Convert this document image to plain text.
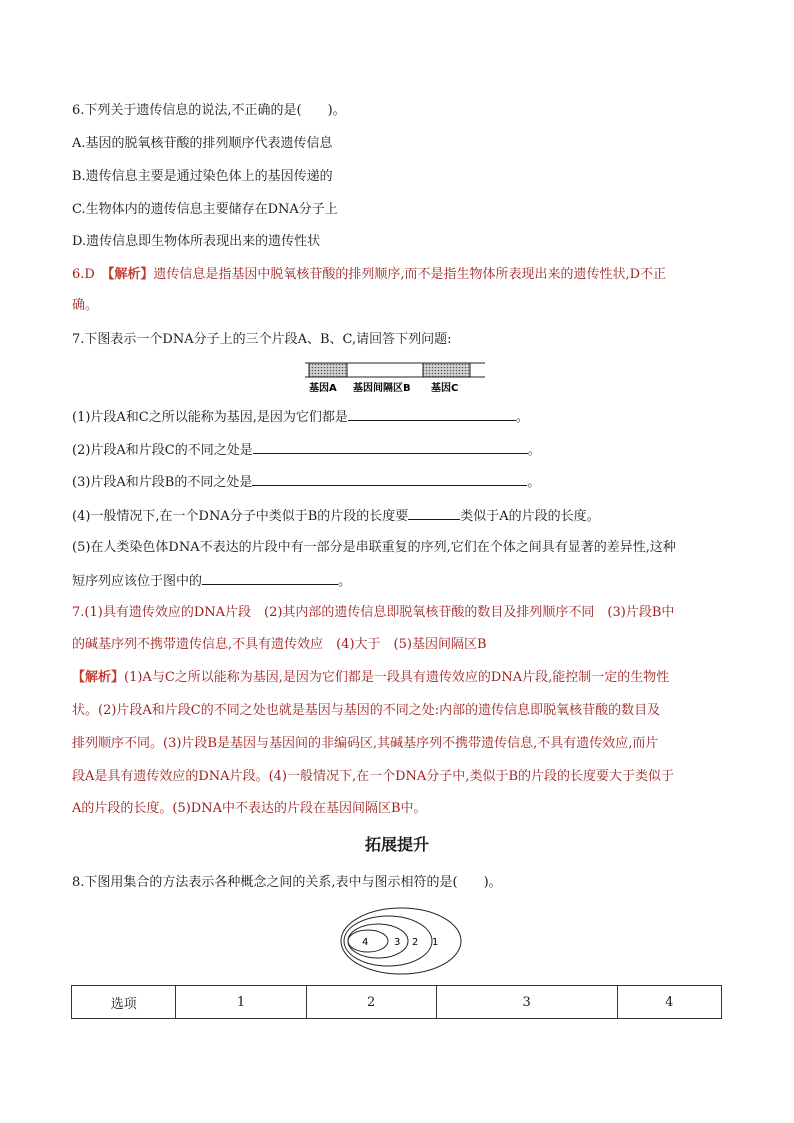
6.下列关于遗传信息的说法,不正确的是(　　)。
A.基因的脱氧核苷酸的排列顺序代表遗传信息
B.遗传信息主要是通过染色体上的基因传递的
C.生物体内的遗传信息主要储存在DNA分子上
D.遗传信息即生物体所表现出来的遗传性状
6.D　 【解析】遗传信息是指基因中脱氧核苷酸的排列顺序,而不是指生物体所表现出来的遗传性状,D不正
确。
7.下图表示一个DNA分子上的三个片段A、B、C,请回答下列问题:
基因A 基因间隔区B 基因C
(1)片段A和C之所以能称为基因,是因为它们都是	。
(2)片段A和片段C的不同之处是	。
(3)片段A和片段B的不同之处是	。
(4)一般情况下,在一个DNA分子中类似于B的片段的长度要	类似于A的片段的长度。
(5)在人类染色体DNA不表达的片段中有一部分是串联重复的序列,它们在个体之间具有显著的差异性,这种
短序列应该位于图中的	。
7.(1)具有遗传效应的DNA片段　(2)其内部的遗传信息即脱氧核苷酸的数目及排列顺序不同　(3)片段B中
的碱基序列不携带遗传信息,不具有遗传效应　(4)大于　(5)基因间隔区B
【解析】(1)A与C之所以能称为基因,是因为它们都是一段具有遗传效应的DNA片段,能控制一定的生物性
状。(2)片段A和片段C的不同之处也就是基因与基因的不同之处:内部的遗传信息即脱氧核苷酸的数目及
排列顺序不同。(3)片段B是基因与基因间的非编码区,其碱基序列不携带遗传信息,不具有遗传效应,而片
段A是具有遗传效应的DNA片段。(4)一般情况下,在一个DNA分子中,类似于B的片段的长度要大于类似于
A的片段的长度。(5)DNA中不表达的片段在基因间隔区B中。
拓展提升
8.下图用集合的方法表示各种概念之间的关系,表中与图示相符的是(　　)。
4	3 2 1
选项	1	2	3	4
